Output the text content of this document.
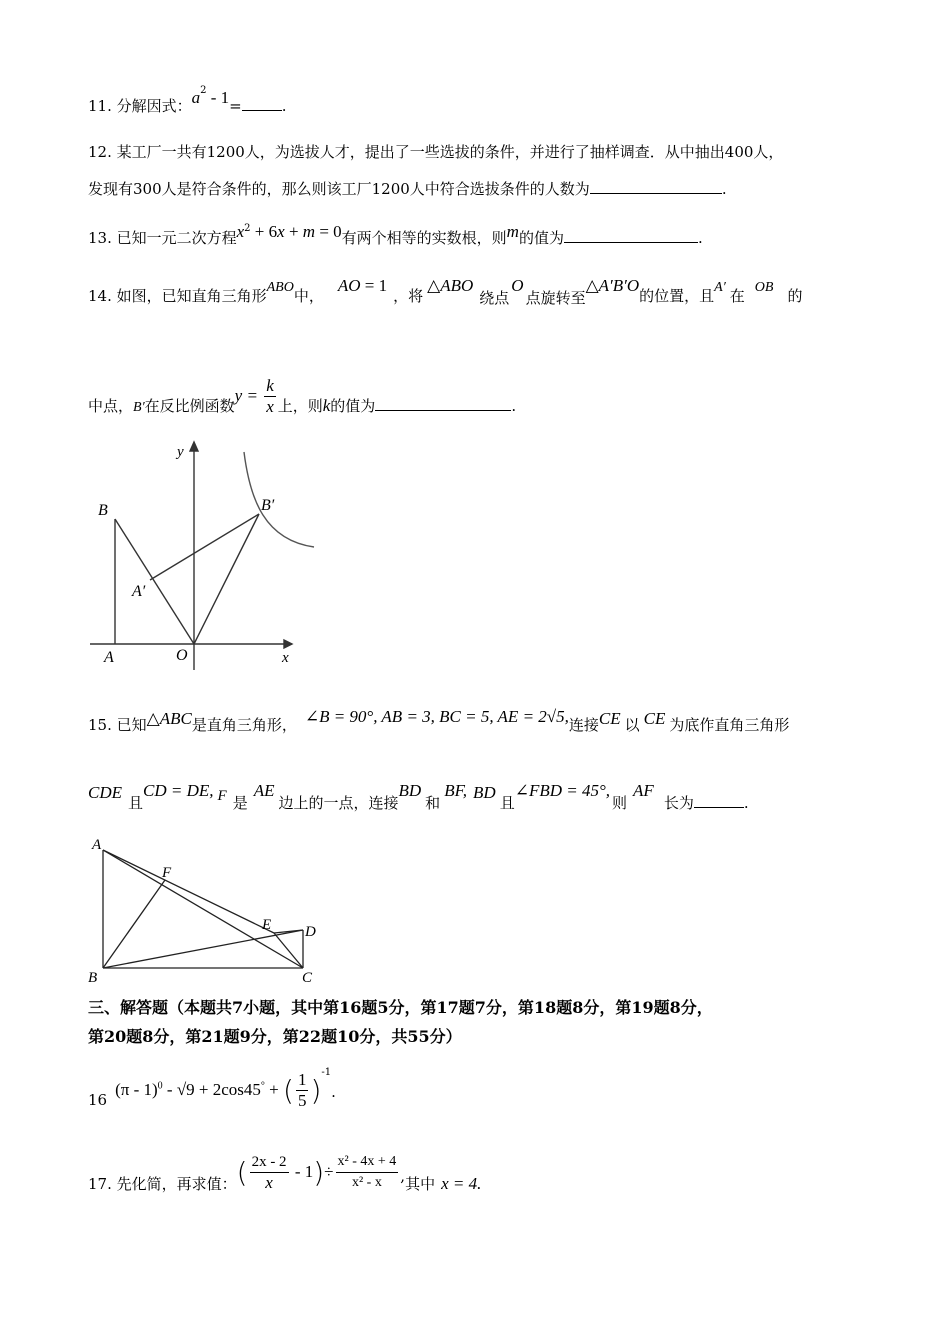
11. 分解因式：$a^2 - 1=$	.
12. 某工厂一共有1200人，为选拔人才，提出了一些选拔的条件，并进行了抽样调查．从中抽出400人，
发现有300人是符合条件的，那么则该工厂1200人中符合选拔条件的人数为	.
13. 已知一元二次方程$x^2 + 6x + m = 0$有两个相等的实数根，则m的值为	.
14. 如图，已知直角三角形ABO中，AO = 1，将△ABO绕点O点旋转至△A′B′O的位置，且A′ 在 OB 的
中点，B′在反比例函数$y = \frac{k}{x}$ 上，则k的值为	.
y
x
B	B′
A′
A	O
15. 已知△ABC是直角三角形， ∠B = 90°, AB = 3, BC = 5, AE = 2√5,连接CE 以 CE 为底作直角三角形
CDE且CD = DE, F 是AE边上的一点，连接BD和BF, BD且∠FBD = 45°,则AF长为	.
A
F
E D
B	C
三、解答题（本题共7小题，其中第16题5分，第17题7分，第18题8分，第19题8分，
第20题8分，第21题9分，第22题10分，共55分）
16(π - 1)$^0$ - √9 + 2cos45° + ( $\frac{1}{5} )^{-1}$.
17. 先化简，再求值：( $\frac{2x - 2}{x} - 1)\div \frac{\text{x² - 4x + 4}}{\text{x² - x}}$ ,其中 x = 4.
